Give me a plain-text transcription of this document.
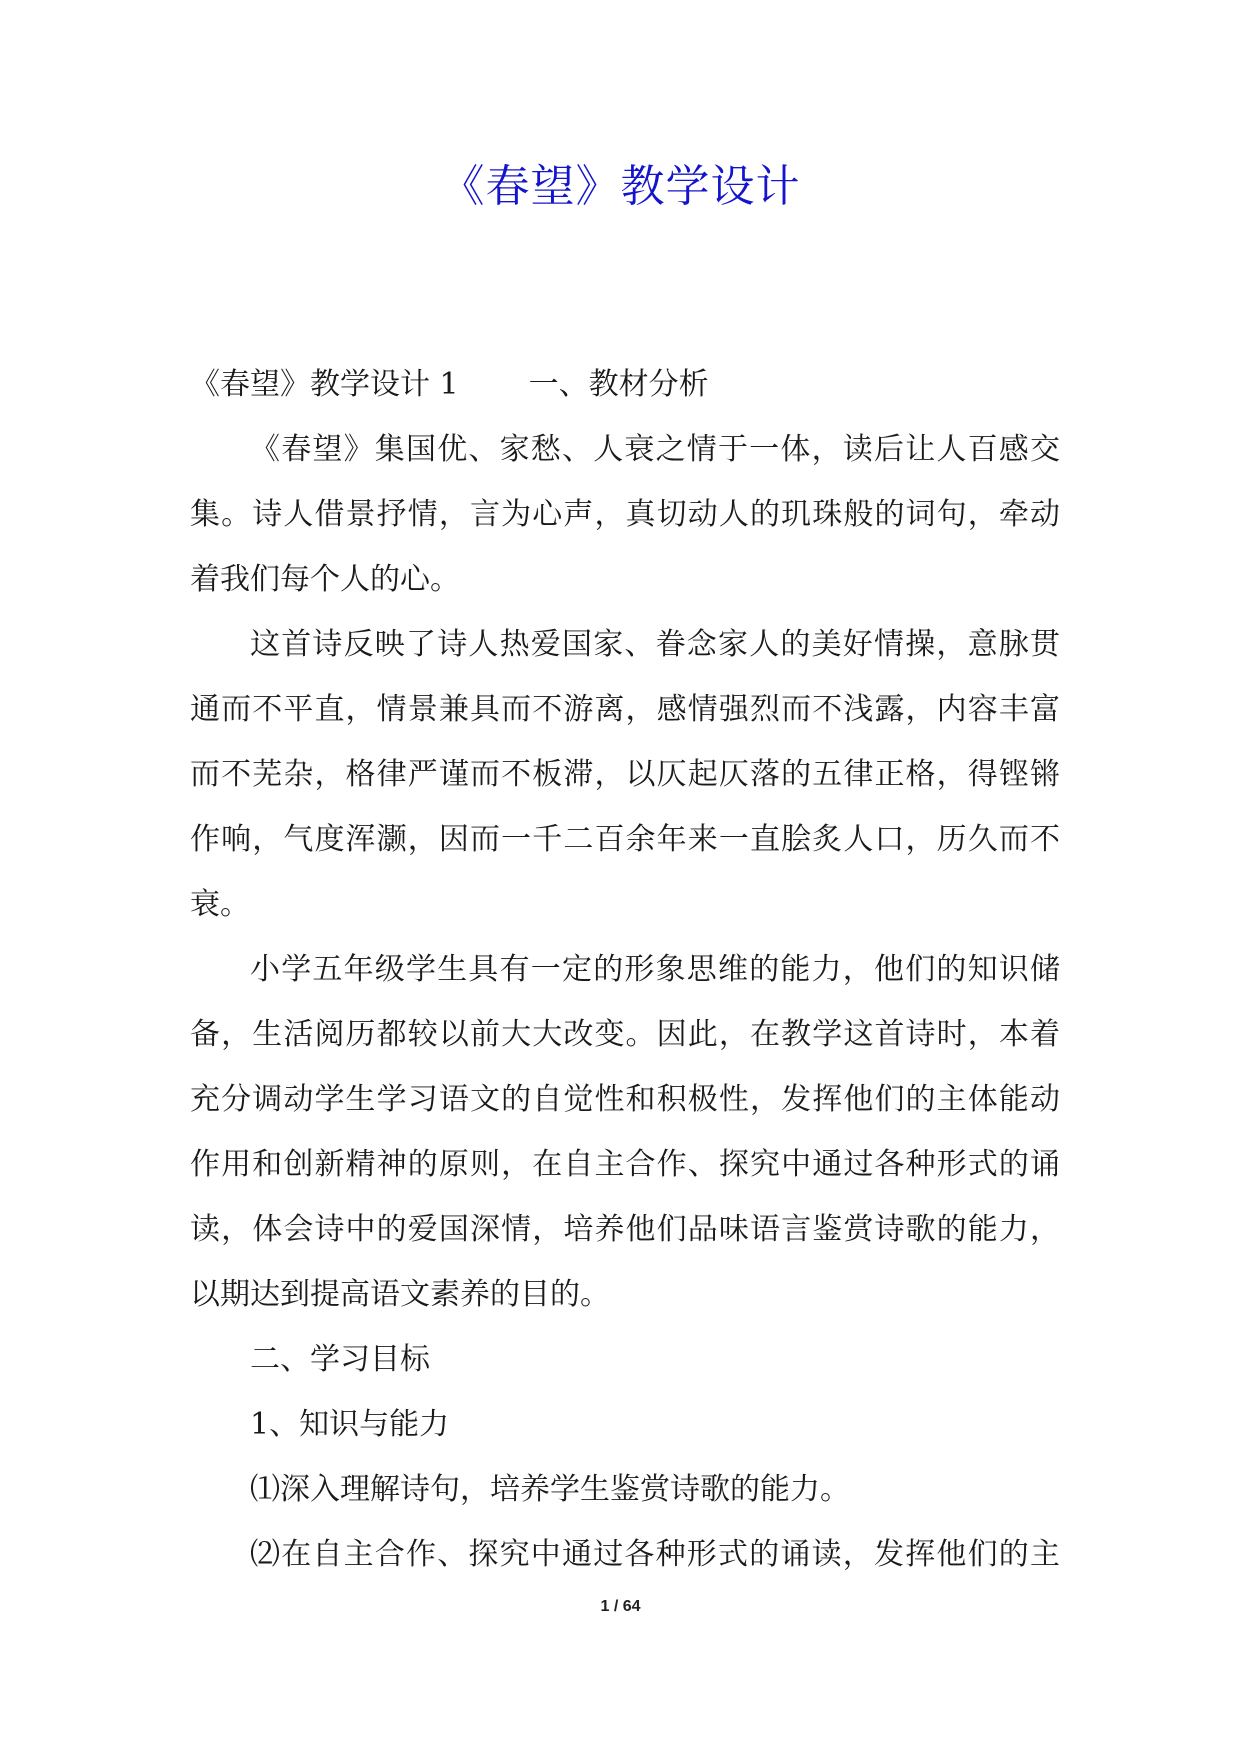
《春望》教学设计

《春望》教学设计 1 一、教材分析

《春望》集国优、家愁、人衰之情于一体，读后让人百感交

集。诗人借景抒情，言为心声，真切动人的玑珠般的词句，牵动

着我们每个人的心。

这首诗反映了诗人热爱国家、眷念家人的美好情操，意脉贯

通而不平直，情景兼具而不游离，感情强烈而不浅露，内容丰富

而不芜杂，格律严谨而不板滞，以仄起仄落的五律正格，得铿锵

作响，气度浑灏，因而一千二百余年来一直脍炙人口，历久而不

衰。

小学五年级学生具有一定的形象思维的能力，他们的知识储

备，生活阅历都较以前大大改变。因此，在教学这首诗时，本着

充分调动学生学习语文的自觉性和积极性，发挥他们的主体能动

作用和创新精神的原则，在自主合作、探究中通过各种形式的诵

读，体会诗中的爱国深情，培养他们品味语言鉴赏诗歌的能力，

以期达到提高语文素养的目的。

二、学习目标

1、知识与能力

⑴深入理解诗句，培养学生鉴赏诗歌的能力。

⑵在自主合作、探究中通过各种形式的诵读，发挥他们的主

1 / 64
